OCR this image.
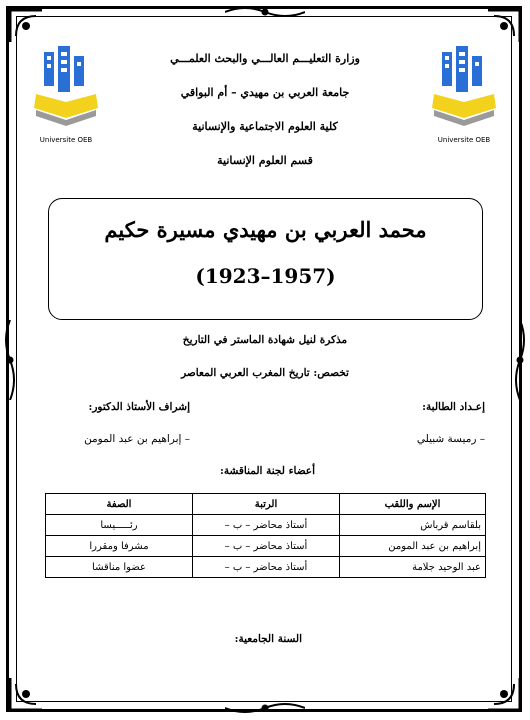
Universite OEB	Universite OEB
وزارة التعليـــم العالـــي والبحث العلمـــي
جامعة العربي بن مهيدي – أم البواقي
كلية العلوم الاجتماعية والإنسانية
قسم العلوم الإنسانية
محمد العربي بن مهيدي مسيرة حكيم
(1957–1923)
مذكرة لنيل شهادة الماستر في التاريخ
تخصص: تاريخ المغرب العربي المعاصر
إعـداد الطالبة:
– رميسة شبيلي
إشراف الأستاذ الدكتور:
– إبراهيم بن عبد المومن
أعضاء لجنة المناقشة:
الإسم واللقب	الرتبة	الصفة
بلقاسم قرباش	أستاذ محاضر – ب –	رئـــــيسا
إبراهيم بن عبد المومن	أستاذ محاضر – ب –	مشرفا ومقررا
عبد الوحيد جلامة	أستاذ محاضر – ب –	عضوا مناقشا
السنة الجامعية:
